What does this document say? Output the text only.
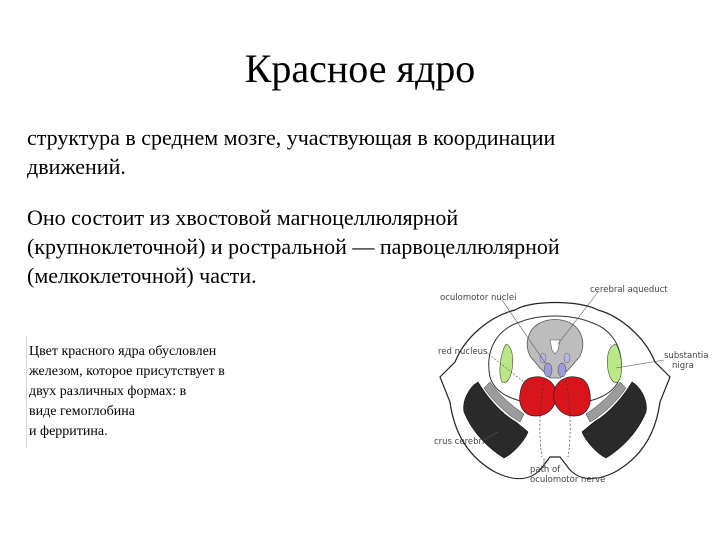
Красное ядро

структура в среднем мозге, участвующая в координации
движений.

Оно состоит из хвостовой магноцеллюлярной
(крупноклеточной) и ростральной — парвоцеллюлярной
(мелкоклеточной) части.

Цвет красного ядра обусловлен
железом, которое присутствует в
двух различных формах: в
виде гемоглобина
и ферритина.
oculomotor nuclei
cerebral aqueduct
red nucleus	substantia
nigra
crus cerebri
path of
oculomotor nerve
